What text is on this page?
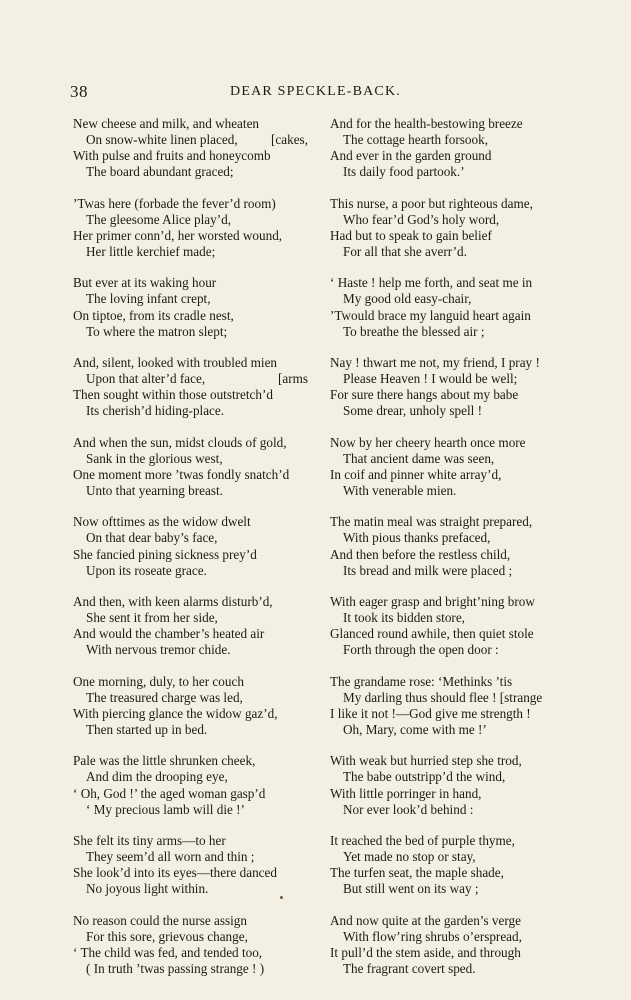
38	DEAR SPECKLE-BACK.
New cheese and milk, and wheaten
On snow-white linen placed,	[cakes,
With pulse and fruits and honeycomb
The board abundant graced;
’Twas here (forbade the fever’d room)
The gleesome Alice play’d,
Her primer conn’d, her worsted wound,
Her little kerchief made;
But ever at its waking hour
The loving infant crept,
On tiptoe, from its cradle nest,
To where the matron slept;
And, silent, looked with troubled mien
Upon that alter’d face,	[arms
Then sought within those outstretch’d
Its cherish’d hiding-place.
And when the sun, midst clouds of gold,
Sank in the glorious west,
One moment more ’twas fondly snatch’d
Unto that yearning breast.
Now ofttimes as the widow dwelt
On that dear baby’s face,
She fancied pining sickness prey’d
Upon its roseate grace.
And then, with keen alarms disturb’d,
She sent it from her side,
And would the chamber’s heated air
With nervous tremor chide.
One morning, duly, to her couch
The treasured charge was led,
With piercing glance the widow gaz’d,
Then started up in bed.
Pale was the little shrunken cheek,
And dim the drooping eye,
‘ Oh, God !’ the aged woman gasp’d
‘ My precious lamb will die !’
She felt its tiny arms—to her
They seem’d all worn and thin ;
She look’d into its eyes—there danced
No joyous light within.
No reason could the nurse assign
For this sore, grievous change,
‘ The child was fed, and tended too,
( In truth ’twas passing strange ! )
And for the health-bestowing breeze
The cottage hearth forsook,
And ever in the garden ground
Its daily food partook.’
This nurse, a poor but righteous dame,
Who fear’d God’s holy word,
Had but to speak to gain belief
For all that she averr’d.
‘ Haste ! help me forth, and seat me in
My good old easy-chair,
’Twould brace my languid heart again
To breathe the blessed air ;
Nay ! thwart me not, my friend, I pray !
Please Heaven ! I would be well;
For sure there hangs about my babe
Some drear, unholy spell !
Now by her cheery hearth once more
That ancient dame was seen,
In coif and pinner white array’d,
With venerable mien.
The matin meal was straight prepared,
With pious thanks prefaced,
And then before the restless child,
Its bread and milk were placed ;
With eager grasp and bright’ning brow
It took its bidden store,
Glanced round awhile, then quiet stole
Forth through the open door :
The grandame rose: ‘Methinks ’tis
My darling thus should flee ! [strange
I like it not !—God give me strength !
Oh, Mary, come with me !’
With weak but hurried step she trod,
The babe outstripp’d the wind,
With little porringer in hand,
Nor ever look’d behind :
It reached the bed of purple thyme,
Yet made no stop or stay,
The turfen seat, the maple shade,
But still went on its way ;
And now quite at the garden’s verge
With flow’ring shrubs o’erspread,
It pull’d the stem aside, and through
The fragrant covert sped.
